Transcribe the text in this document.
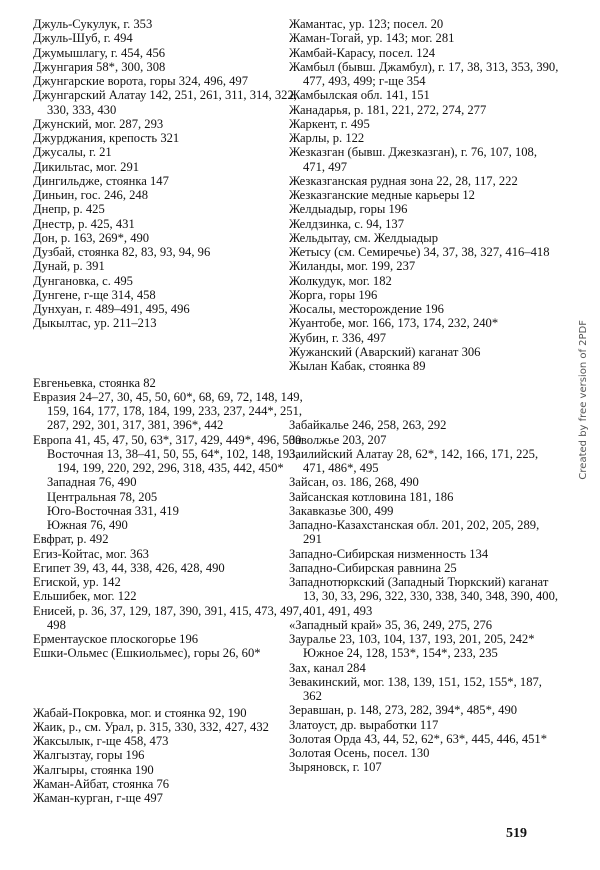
Джуль-Сукулук, г. 353
Джуль-Шуб, г. 494
Джумышлагу, г. 454, 456
Джунгария 58*, 300, 308
Джунгарские ворота, горы 324, 496, 497
Джунгарский Алатау 142, 251, 261, 311, 314, 322, 330, 333, 430
Джунский, мог. 287, 293
Джурджания, крепость 321
Джусалы, г. 21
Дикильтас, мог. 291
Дингильдже, стоянка 147
Диньин, гос. 246, 248
Днепр, р. 425
Днестр, р. 425, 431
Дон, р. 163, 269*, 490
Дузбай, стоянка 82, 83, 93, 94, 96
Дунай, р. 391
Дунгановка, с. 495
Дунгене, г-ще 314, 458
Дунхуан, г. 489–491, 495, 496
Дыкылтас, ур. 211–213
Евгеньевка, стоянка 82
Евразия 24–27, 30, 45, 50, 60*, 68, 69, 72, 148, 149, 159, 164, 177, 178, 184, 199, 233, 237, 244*, 251, 287, 292, 301, 317, 381, 396*, 442
Европа 41, 45, 47, 50, 63*, 317, 429, 449*, 496, 500
Восточная 13, 38–41, 50, 55, 64*, 102, 148, 193, 194, 199, 220, 292, 296, 318, 435, 442, 450*
Западная 76, 490
Центральная 78, 205
Юго-Восточная 331, 419
Южная 76, 490
Евфрат, р. 492
Егиз-Койтас, мог. 363
Египет 39, 43, 44, 338, 426, 428, 490
Егиской, ур. 142
Ельшибек, мог. 122
Енисей, р. 36, 37, 129, 187, 390, 391, 415, 473, 497, 498
Ерментауское плоскогорье 196
Ешки-Ольмес (Ешкиольмес), горы 26, 60*
Жабай-Покровка, мог. и стоянка 92, 190
Жаик, р., см. Урал, р. 315, 330, 332, 427, 432
Жаксылык, г-ще 458, 473
Жалгызтау, горы 196
Жалгыры, стоянка 190
Жаман-Айбат, стоянка 76
Жаман-курган, г-ще 497
Жамантас, ур. 123; посел. 20
Жаман-Тогай, ур. 143; мог. 281
Жамбай-Карасу, посел. 124
Жамбыл (бывш. Джамбул), г. 17, 38, 313, 353, 390, 477, 493, 499; г-ще 354
Жамбылская обл. 141, 151
Жанадарья, р. 181, 221, 272, 274, 277
Жаркент, г. 495
Жарлы, р. 122
Жезказган (бывш. Джезказган), г. 76, 107, 108, 471, 497
Жезказганская рудная зона 22, 28, 117, 222
Жезказганские медные карьеры 12
Желдыадыр, горы 196
Желдзинка, с. 94, 137
Жельдытау, см. Желдыадыр
Жетысу (см. Семиречье) 34, 37, 38, 327, 416–418
Жиланды, мог. 199, 237
Жолкудук, мог. 182
Жорга, горы 196
Жосалы, месторождение 196
Жуантобе, мог. 166, 173, 174, 232, 240*
Жубин, г. 336, 497
Жужанский (Аварский) каганат 306
Жылан Кабак, стоянка 89
Забайкалье 246, 258, 263, 292
Заволжье 203, 207
Заилийский Алатау 28, 62*, 142, 166, 171, 225, 471, 486*, 495
Зайсан, оз. 186, 268, 490
Зайсанская котловина 181, 186
Закавказье 300, 499
Западно-Казахстанская обл. 201, 202, 205, 289, 291
Западно-Сибирская низменность 134
Западно-Сибирская равнина 25
Западнотюркский (Западный Тюркский) каганат 13, 30, 33, 296, 322, 330, 338, 340, 348, 390, 400, 401, 491, 493
«Западный край» 35, 36, 249, 275, 276
Зауралье 23, 103, 104, 137, 193, 201, 205, 242*
Южное 24, 128, 153*, 154*, 233, 235
Зах, канал 284
Зевакинский, мог. 138, 139, 151, 152, 155*, 187, 362
Зеравшан, р. 148, 273, 282, 394*, 485*, 490
Златоуст, др. выработки 117
Золотая Орда 43, 44, 52, 62*, 63*, 445, 446, 451*
Золотая Осень, посел. 130
Зыряновск, г. 107
519
Created by free version of 2PDF
